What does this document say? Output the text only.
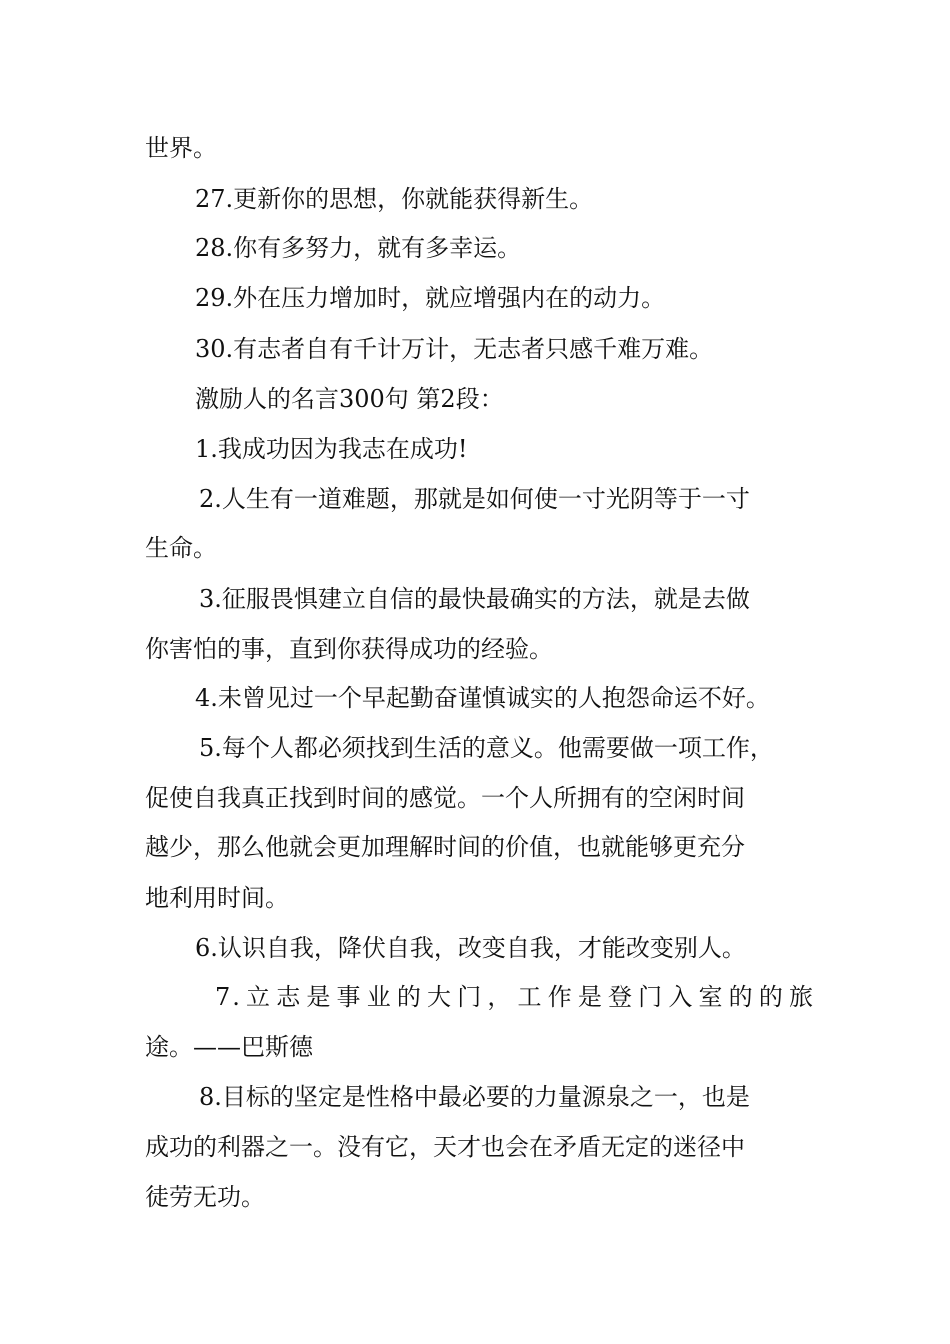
世界。

27.更新你的思想，你就能获得新生。

28.你有多努力，就有多幸运。

29.外在压力增加时，就应增强内在的动力。

30.有志者自有千计万计，无志者只感千难万难。

激励人的名言300句 第2段：

1.我成功因为我志在成功!

2.人生有一道难题，那就是如何使一寸光阴等于一寸

生命。

3.征服畏惧建立自信的最快最确实的方法，就是去做

你害怕的事，直到你获得成功的经验。

4.未曾见过一个早起勤奋谨慎诚实的人抱怨命运不好。

5.每个人都必须找到生活的意义。他需要做一项工作，

促使自我真正找到时间的感觉。一个人所拥有的空闲时间

越少，那么他就会更加理解时间的价值，也就能够更充分

地利用时间。

6.认识自我，降伏自我，改变自我，才能改变别人。

7.立志是事业的大门，工作是登门入室的的旅

途。——巴斯德

8.目标的坚定是性格中最必要的力量源泉之一，也是

成功的利器之一。没有它，天才也会在矛盾无定的迷径中

徒劳无功。
